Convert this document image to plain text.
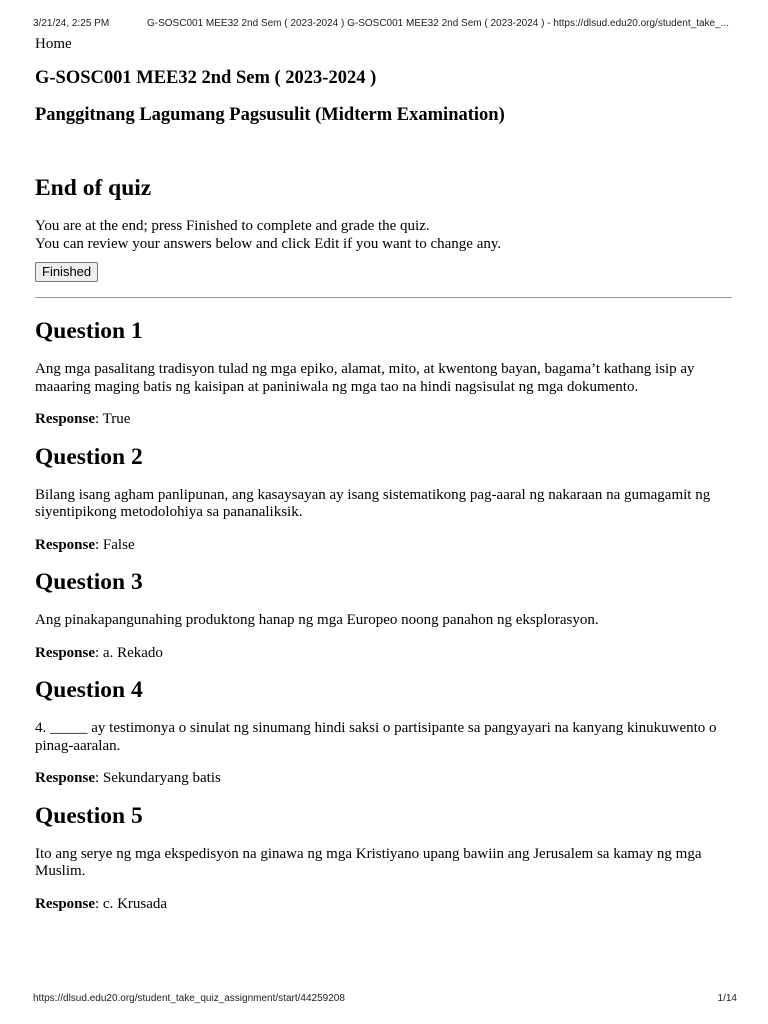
3/21/24, 2:25 PM	G-SOSC001 MEE32 2nd Sem ( 2023-2024 ) G-SOSC001 MEE32 2nd Sem ( 2023-2024 ) - https://dlsud.edu20.org/student_take_...
Home
G-SOSC001 MEE32 2nd Sem ( 2023-2024 )
Panggitnang Lagumang Pagsusulit (Midterm Examination)
End of quiz
You are at the end; press Finished to complete and grade the quiz.
You can review your answers below and click Edit if you want to change any.
Finished
Question 1
Ang mga pasalitang tradisyon tulad ng mga epiko, alamat, mito, at kwentong bayan, bagama’t kathang isip ay maaaring maging batis ng kaisipan at paniniwala ng mga tao na hindi nagsisulat ng mga dokumento.
Response: True
Question 2
Bilang isang agham panlipunan, ang kasaysayan ay isang sistematikong pag-aaral ng nakaraan na gumagamit ng siyentipikong metodolohiya sa pananaliksik.
Response: False
Question 3
Ang pinakapangunahing produktong hanap ng mga Europeo noong panahon ng eksplorasyon.
Response: a. Rekado
Question 4
4. _____ ay testimonya o sinulat ng sinumang hindi saksi o partisipante sa pangyayari na kanyang kinukuwento o pinag-aaralan.
Response: Sekundaryang batis
Question 5
Ito ang serye ng mga ekspedisyon na ginawa ng mga Kristiyano upang bawiin ang Jerusalem sa kamay ng mga Muslim.
Response: c. Krusada
https://dlsud.edu20.org/student_take_quiz_assignment/start/44259208	1/14
